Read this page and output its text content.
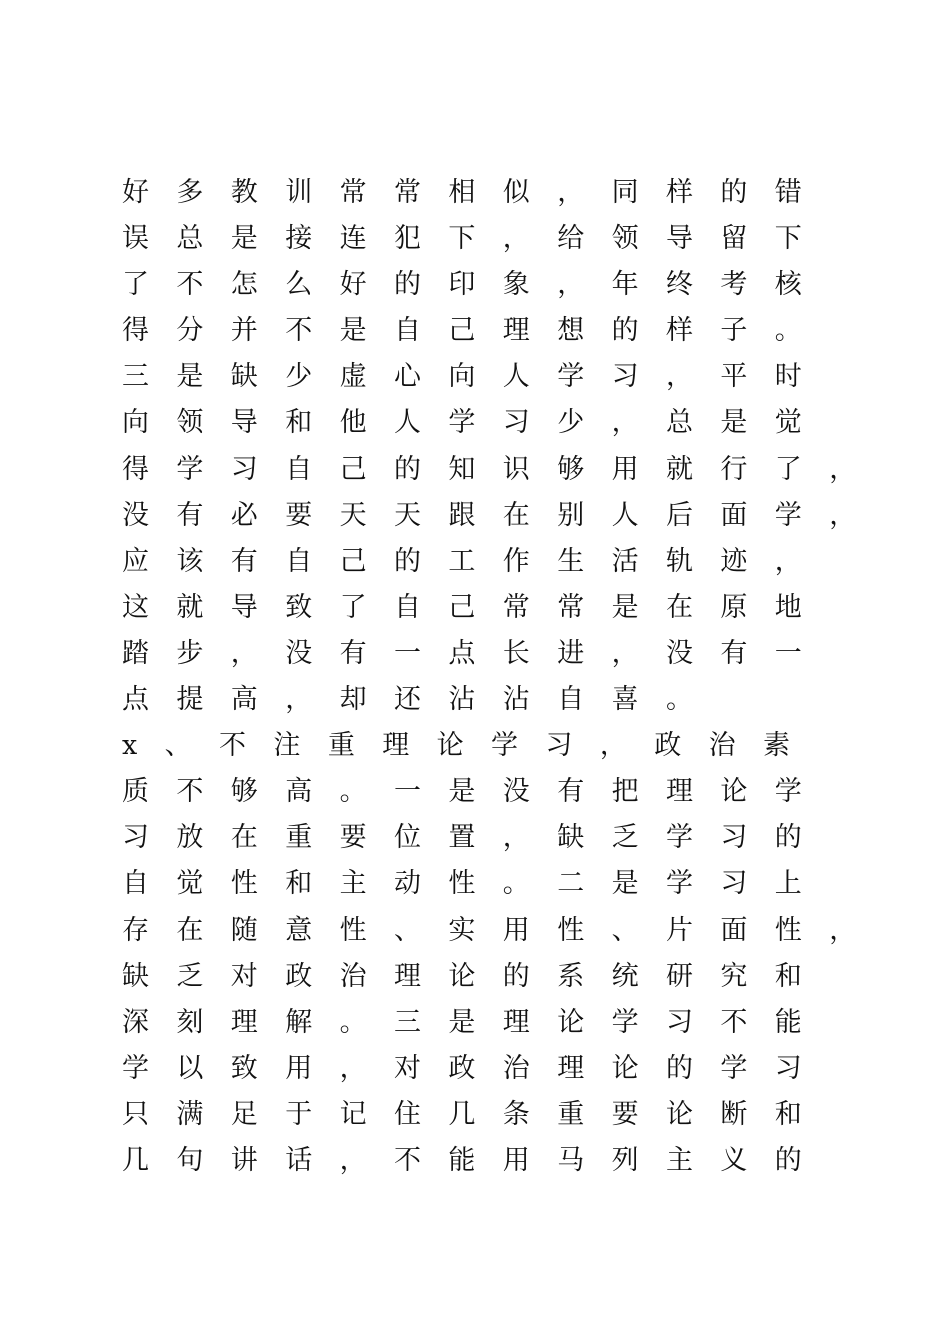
好多教训常常相似，同样的错
误总是接连犯下，给领导留下
了不怎么好的印象，年终考核
得分并不是自己理想的样子。
三是缺少虚心向人学习，平时
向领导和他人学习少，总是觉
得学习自己的知识够用就行了，
没有必要天天跟在别人后面学，
应该有自己的工作生活轨迹，
这就导致了自己常常是在原地
踏步，没有一点长进，没有一
点提高，却还沾沾自喜。
x、不注重理论学习，政治素
质不够高。一是没有把理论学
习放在重要位置，缺乏学习的
自觉性和主动性。二是学习上
存在随意性、实用性、片面性，
缺乏对政治理论的系统研究和
深刻理解。三是理论学习不能
学以致用，对政治理论的学习
只满足于记住几条重要论断和
几句讲话，不能用马列主义的
